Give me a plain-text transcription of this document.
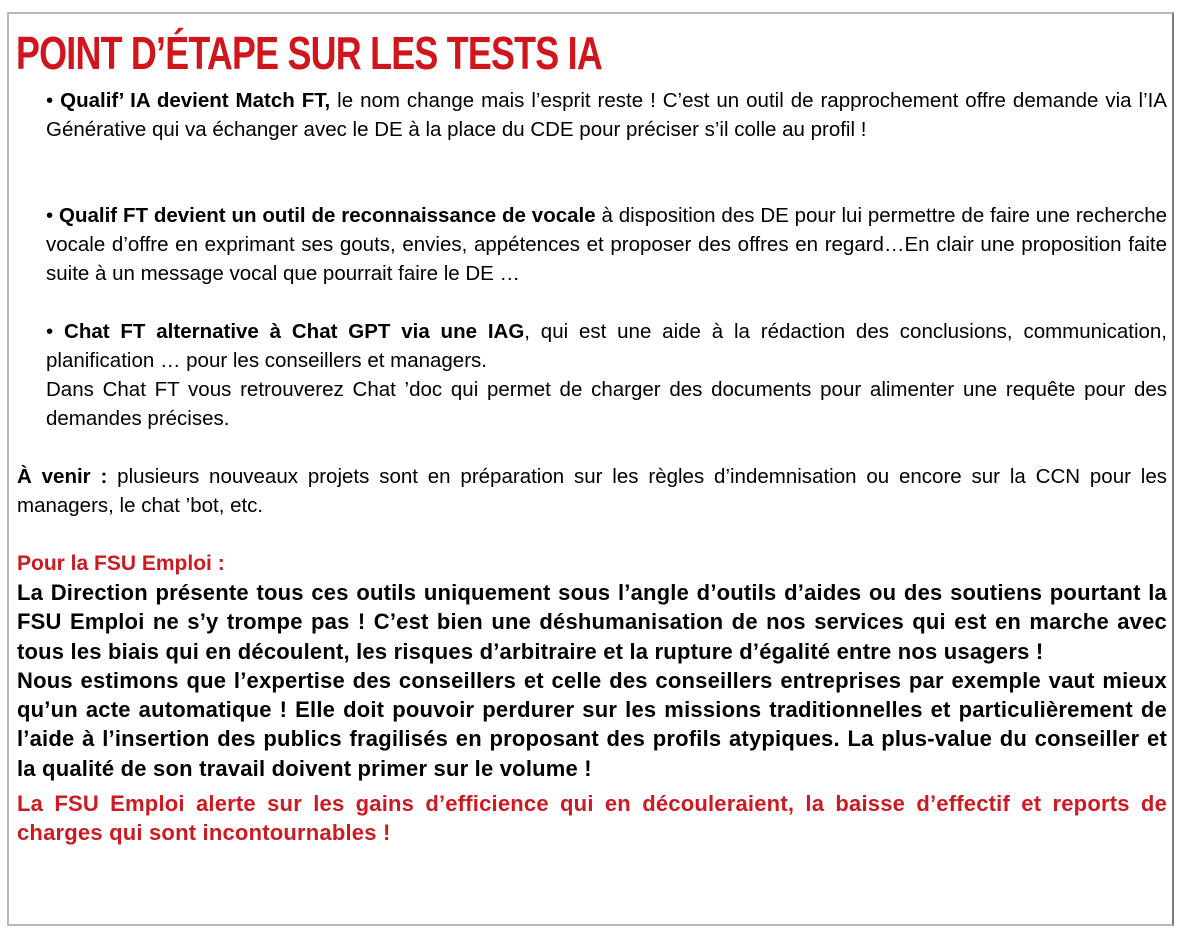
POINT D’ÉTAPE SUR LES TESTS IA

• Qualif’ IA devient Match FT, le nom change mais l’esprit reste ! C’est un outil de rapprochement offre demande via l’IA Générative qui va échanger avec le DE à la place du CDE pour préciser s’il colle au profil !

• Qualif FT devient un outil de reconnaissance de vocale à disposition des DE pour lui permettre de faire une recherche vocale d’offre en exprimant ses gouts, envies, appétences et proposer des offres en regard…En clair une proposition faite suite à un message vocal que pourrait faire le DE …

• Chat FT alternative à Chat GPT via une IAG, qui est une aide à la rédaction des conclusions, communication, planification … pour les conseillers et managers.

Dans Chat FT vous retrouverez Chat ’doc qui permet de charger des documents pour alimenter une requête pour des demandes précises.

À venir : plusieurs nouveaux projets sont en préparation sur les règles d’indemnisation ou encore sur la CCN pour les managers, le chat ’bot, etc.

Pour la FSU Emploi :

La Direction présente tous ces outils uniquement sous l’angle d’outils d’aides ou des soutiens pourtant la FSU Emploi ne s’y trompe pas ! C’est bien une déshumanisation de nos services qui est en marche avec tous les biais qui en découlent, les risques d’arbitraire et la rupture d’égalité entre nos usagers !

Nous estimons que l’expertise des conseillers et celle des conseillers entreprises par exemple vaut mieux qu’un acte automatique ! Elle doit pouvoir perdurer sur les missions traditionnelles et particulièrement de l’aide à l’insertion des publics fragilisés en proposant des profils atypiques. La plus-value du conseiller et la qualité de son travail doivent primer sur le volume !

La FSU Emploi alerte sur les gains d’efficience qui en découleraient, la baisse d’effectif et reports de charges qui sont incontournables !
